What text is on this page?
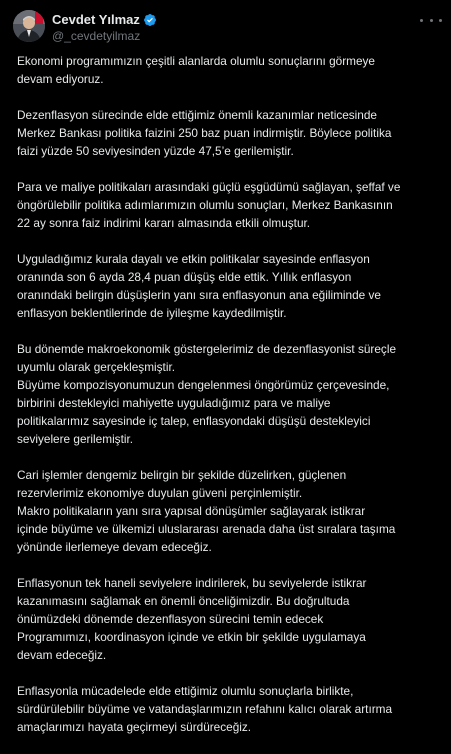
Cevdet Yılmaz
@_cevdetyilmaz
Ekonomi programımızın çeşitli alanlarda olumlu sonuçlarını görmeye
devam ediyoruz.
Dezenflasyon sürecinde elde ettiğimiz önemli kazanımlar neticesinde
Merkez Bankası politika faizini 250 baz puan indirmiştir. Böylece politika
faizi yüzde 50 seviyesinden yüzde 47,5’e gerilemiştir.
Para ve maliye politikaları arasındaki güçlü eşgüdümü sağlayan, şeffaf ve
öngörülebilir politika adımlarımızın olumlu sonuçları, Merkez Bankasının
22 ay sonra faiz indirimi kararı almasında etkili olmuştur.
Uyguladığımız kurala dayalı ve etkin politikalar sayesinde enflasyon
oranında son 6 ayda 28,4 puan düşüş elde ettik. Yıllık enflasyon
oranındaki belirgin düşüşlerin yanı sıra enflasyonun ana eğiliminde ve
enflasyon beklentilerinde de iyileşme kaydedilmiştir.
Bu dönemde makroekonomik göstergelerimiz de dezenflasyonist süreçle
uyumlu olarak gerçekleşmiştir.
Büyüme kompozisyonumuzun dengelenmesi öngörümüz çerçevesinde,
birbirini destekleyici mahiyette uyguladığımız para ve maliye
politikalarımız sayesinde iç talep, enflasyondaki düşüşü destekleyici
seviyelere gerilemiştir.
Cari işlemler dengemiz belirgin bir şekilde düzelirken, güçlenen
rezervlerimiz ekonomiye duyulan güveni perçinlemiştir.
Makro politikaların yanı sıra yapısal dönüşümler sağlayarak istikrar
içinde büyüme ve ülkemizi uluslararası arenada daha üst sıralara taşıma
yönünde ilerlemeye devam edeceğiz.
Enflasyonun tek haneli seviyelere indirilerek, bu seviyelerde istikrar
kazanımasını sağlamak en önemli önceliğimizdir. Bu doğrultuda
önümüzdeki dönemde dezenflasyon sürecini temin edecek
Programımızı, koordinasyon içinde ve etkin bir şekilde uygulamaya
devam edeceğiz.
Enflasyonla mücadelede elde ettiğimiz olumlu sonuçlarla birlikte,
sürdürülebilir büyüme ve vatandaşlarımızın refahını kalıcı olarak artırma
amaçlarımızı hayata geçirmeyi sürdüreceğiz.
